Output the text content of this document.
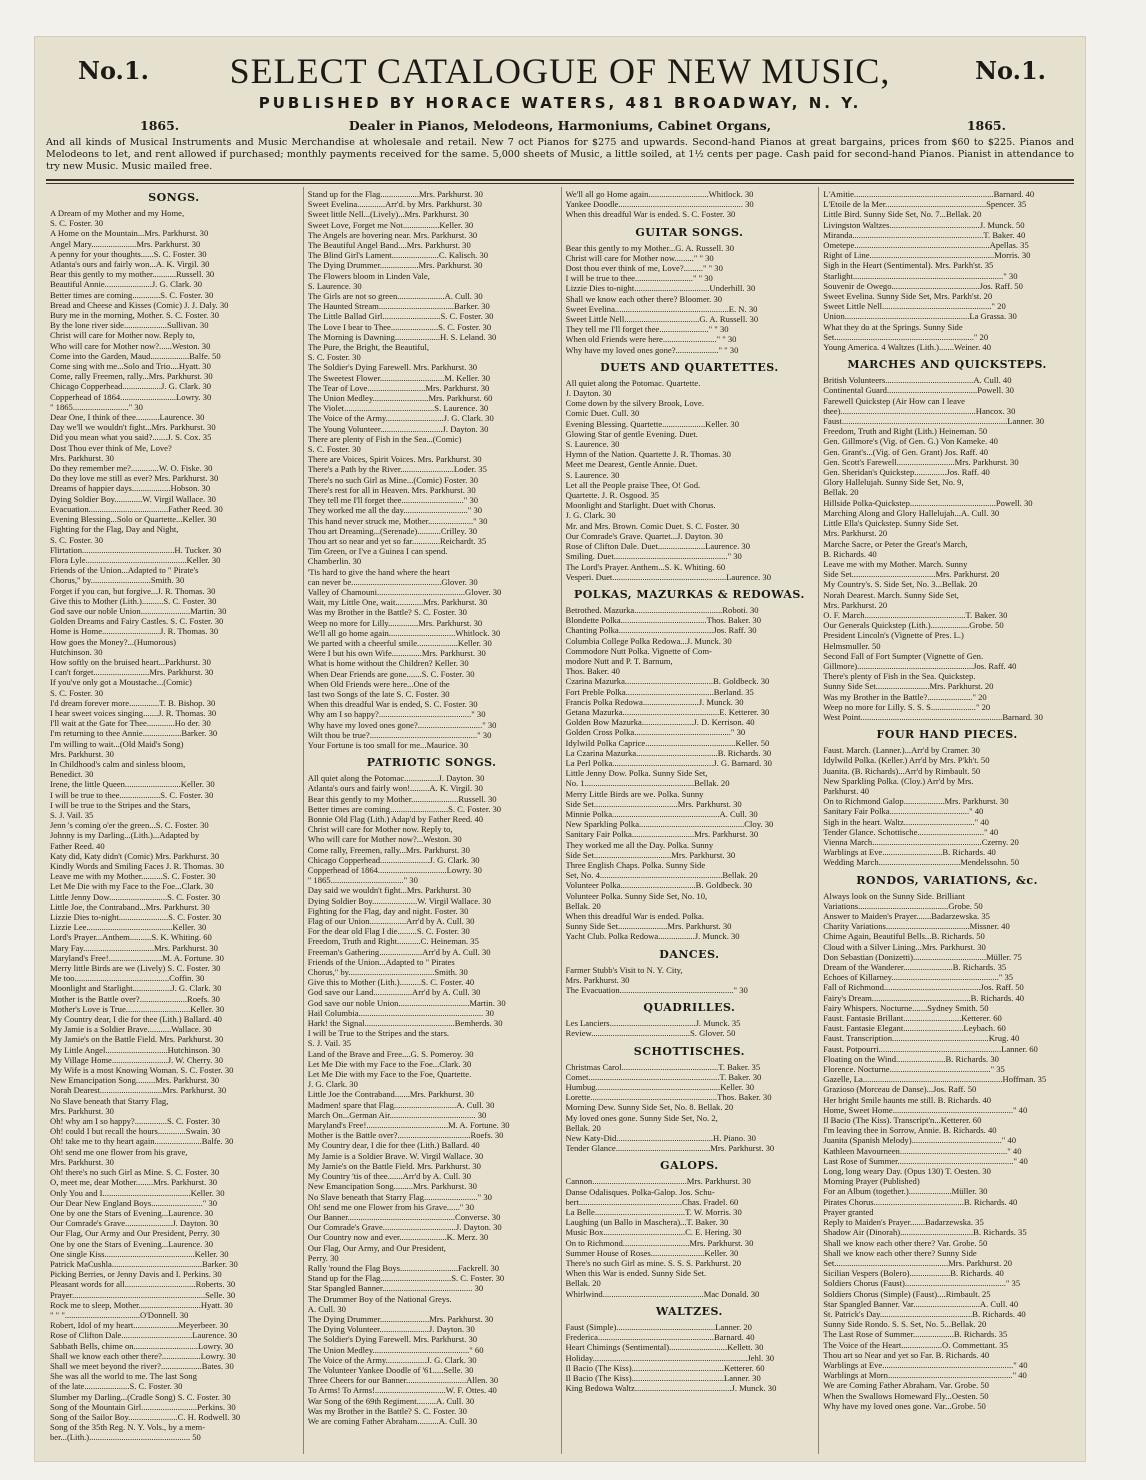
No.1.	SELECT CATALOGUE OF NEW MUSIC,	No.1.
PUBLISHED BY HORACE WATERS, 481 BROADWAY, N. Y.
1865.	Dealer in Pianos, Melodeons, Harmoniums, Cabinet Organs,	1865.
And all kinds of Musical Instruments and Music Merchandise at wholesale and retail. New 7 oct Pianos for $275 and upwards. Second-hand Pianos at great bargains, prices from $60 to $225. Pianos and Melodeons to let, and rent allowed if purchased; monthly payments received for the same. 5,000 sheets of Music, a little soiled, at 1½ cents per page. Cash paid for second-hand Pianos. Pianist in attendance to try new Music. Music mailed free.
SONGS.
A Dream of my Mother and my Home,
S. C. Foster. 30
A Home on the Mountain...Mrs. Parkhurst. 30
Angel Mary.....................Mrs. Parkhurst. 30
A penny for your thoughts......S. C. Foster. 30
Atlanta's ours and fairly won...A. K. Virgil. 30
Bear this gently to my mother...........Russell. 30
Beautiful Annie......................J. G. Clark. 30
Better times are coming.............S. C. Foster. 30
Bread and Cheese and Kisses (Comic) J. J. Daly. 30
Bury me in the morning, Mother. S. C. Foster. 30
By the lone river side....................Sullivan. 30
Christ will care for Mother now. Reply to,
Who will care for Mother now?......Weston. 30
Come into the Garden, Maud..................Balfe. 50
Come sing with me...Solo and Trio....Hyatt. 30
Come, rally Freemen, rally...Mrs. Parkhurst. 30
Chicago Copperhead..................J. G. Clark. 30
Copperhead of 1864..........................Lowry. 30
" 1865.........................." 30
Dear One, I think of thee...........Laurence. 30
Day we'll we wouldn't fight...Mrs. Parkhurst. 30
Did you mean what you said?.......J. S. Cox. 35
Dost Thou ever think of Me, Love?
Mrs. Parkhurst. 30
Do they remember me?.............W. O. Fiske. 30
Do they love me still as ever? Mrs. Parkhurst. 30
Dreams of happier days..................Hobson. 30
Dying Soldier Boy.............W. Virgil Wallace. 30
Evacuation.....................................Father Reed. 30
Evening Blessing...Solo or Quartette...Keller. 30
Fighting for the Flag, Day and Night,
S. C. Foster. 30
Flirtation...........................................H. Tucker. 30
Flora Lyle...............................................Keller. 30
Friends of the Union...Adapted to " Pirate's
Chorus," by............................Smith. 30
Forget if you can, but forgive...J. R. Thomas. 30
Give this to Mother (Lith.)..........S. C. Foster. 30
God save our noble Union.......................Martin. 30
Golden Dreams and Fairy Castles. S. C. Foster. 30
Home is Home...........................J. R. Thomas. 30
How goes the Money?...(Humorous)
Hutchinson. 30
How softly on the bruised heart...Parkhurst. 30
I can't forget..........................Mrs. Parkhurst. 30
If you've only got a Moustache...(Comic)
S. C. Foster. 30
I'd dream forever more..............T. B. Bishop. 30
I hear sweet voices singing.......J. R. Thomas. 30
I'll wait at the Gate for Thee.............Ho der. 30
I'm returning to thee Annie..................Barker. 30
I'm willing to wait...(Old Maid's Song)
Mrs. Parkhurst. 30
In Childhood's calm and sinless bloom,
Benedict. 30
Irene, the little Queen..........................Keller. 30
I will be true to thee...................S. C. Foster. 30
I will be true to the Stripes and the Stars,
S. J. Vail. 35
Jenn 's coming o'er the green...S. C. Foster. 30
Johnny is my Darling...(Lith.)...Adapted by
Father Reed. 40
Katy did, Katy didn't (Comic) Mrs. Parkhurst. 30
Kindly Words and Smiling Faces J. R. Thomas. 30
Leave me with my Mother..........S. C. Foster. 30
Let Me Die with my Face to the Foe...Clark. 30
Little Jenny Dow...........................S. C. Foster. 30
Little Joe, the Contraband...Mrs. Parkhurst. 30
Lizzie Dies to-night.......................S. C. Foster. 30
Lizzie Lee........................................Keller. 30
Lord's Prayer...Anthem..........S. K. Whiting. 60
Mary Fay.................................Mrs. Parkhurst. 30
Maryland's Free!.........................M. A. Fortune. 30
Merry little Birds are we (Lively) S. C. Foster. 30
Me too............................................Coffin. 30
Moonlight and Starlight..................J. G. Clark. 30
Mother is the Battle over?......................Roefs. 30
Mother's Love is True..............................Keller. 30
My Country dear, I die for thee (Lith.) Ballard. 40
My Jamie is a Soldier Brave...........Wallace. 30
My Jamie's on the Battle Field. Mrs. Parkhurst. 30
My Little Angel.............................Hutchinson. 30
My Village Home..........................J. W. Cherry. 30
My Wife is a most Knowing Woman. S. C. Foster. 30
New Emancipation Song.........Mrs. Parkhurst. 30
Norah Dearest.............................Mrs. Parkhurst. 30
No Slave beneath that Starry Flag,
Mrs. Parkhurst. 30
Oh! why am I so happy?...............S. C. Foster. 30
Oh! could I but recall the hours.............Swain. 30
Oh! take me to thy heart again......................Balfe. 30
Oh! send me one flower from his grave,
Mrs. Parkhurst. 30
Oh! there's no such Girl as Mine. S. C. Foster. 30
O, meet me, dear Mother........Mrs. Parkhurst. 30
Only You and I.........................................Keller. 30
Our Dear New England Boys........................" 30
One by one the Stars of Evening...Laurence. 30
Our Comrade's Grave......................J. Dayton. 30
Our Flag, Our Army and Our President, Perry. 30
One by one the Stars of Evening...Laurence. 30
One single Kiss..........................................Keller. 30
Patrick MaCushla..........................................Barker. 30
Picking Berries, or Jenny Davis and I. Perkins. 30
Pleasant words for all.................................Roberts. 30
Prayer..............................................................Selle. 30
Rock me to sleep, Mother.............................Hyatt. 30
" " "...................................O'Donnell. 30
Robert, Idol of my heart.....................Meyerbeer. 30
Rose of Clifton Dale.................................Laurence. 30
Sabbath Bells, chime on..............................Lowry. 30
Shall we know each other there?..................Lowry. 30
Shall we meet beyond the river?...................Bates. 30
She was all the world to me. The last Song
of the late.....................S. C. Foster. 30
Slumber my Darling...(Cradle Song) S. C. Foster. 30
Song of the Mountain Girl..........................Perkins. 30
Song of the Sailor Boy.......................C. H. Rodwell. 30
Song of the 35th Reg. N. Y. Vols., by a mem-
ber...(Lith.)............................................... 50
Stand up for the Flag..................Mrs. Parkhurst. 30
Sweet Evelina.............Arr'd. by Mrs. Parkhurst. 30
Sweet little Nell...(Lively)...Mrs. Parkhurst. 30
Sweet Love, Forget me Not.................Keller. 30
The Angels are hovering near. Mrs. Parkhurst. 30
The Beautiful Angel Band....Mrs. Parkhurst. 30
The Blind Girl's Lament......................C. Kalisch. 30
The Dying Drummer..................Mrs. Parkhurst. 30
The Flowers bloom in Linden Vale,
S. Laurence. 30
The Girls are not so green......................A. Cull. 30
The Haunted Stream...................................Barker. 30
The Little Ballad Girl...........................S. C. Foster. 30
The Love I bear to Thee......................S. C. Foster. 30
The Morning is Dawning.....................H. S. Leland. 30
The Pure, the Bright, the Beautiful,
S. C. Foster. 30
The Soldier's Dying Farewell. Mrs. Parkhurst. 30
The Sweetest Flower..............................M. Keller. 30
The Tear of Love...........................Mrs. Parkhurst. 30
The Union Medley..........................Mrs. Parkhurst. 60
The Violet..........................................S. Laurence. 30
The Voice of the Army...........................J. G. Clark. 30
The Young Volunteer.............................J. Dayton. 30
There are plenty of Fish in the Sea...(Comic)
S. C. Foster. 30
There are Voices, Spirit Voices. Mrs. Parkhurst. 30
There's a Path by the River.........................Loder. 35
There's no such Girl as Mine...(Comic) Foster. 30
There's rest for all in Heaven. Mrs. Parkhurst. 30
They tell me I'll forget thee............................." 30
They worked me all the day.............................." 30
This hand never struck me, Mother....................." 30
Thou art Dreaming...(Serenade)...........Crilley. 30
Thou art so near and yet so far.............Reichardt. 35
Tim Green, or I've a Guinea I can spend.
Chamberlin. 30
'Tis hard to give the hand where the heart
can never be..........................................Glover. 30
Valley of Chamouni.........................................Glover. 30
Wait, my Little One, wait.............Mrs. Parkhurst. 30
Was my Brother in the Battle? S. C. Foster. 30
Weep no more for Lilly..............Mrs. Parkhurst. 30
We'll all go home again...............................Whitlock. 30
We parted with a cheerful smile...................Keller. 30
Were I but his own Wife..............Mrs. Parkhurst. 30
What is home without the Children? Keller. 30
When Dear Friends are gone.......S. C. Foster. 30
When Old Friends were here...One of the
last two Songs of the late S. C. Foster. 30
When this dreadful War is ended, S. C. Foster. 30
Why am I so happy?..........................................." 30
Why have my loved ones gone?.............................." 30
Wilt thou be true?.................................................." 30
Your Fortune is too small for me...Maurice. 30
PATRIOTIC SONGS.
All quiet along the Potomac................J. Dayton. 30
Atlanta's ours and fairly won!.........A. K. Virgil. 30
Bear this gently to my Mother......................Russell. 30
Better times are coming...........................S. C. Foster. 30
Bonnie Old Flag (Lith.) Adap'd by Father Reed. 40
Christ will care for Mother now. Reply to,
Who will care for Mother now?...Weston. 30
Come rally, Freemen, rally...Mrs. Parkhurst. 30
Chicago Copperhead.......................J. G. Clark. 30
Copperhead of 1864................................Lowry. 30
" 1865.................................." 30
Day said we wouldn't fight...Mrs. Parkhurst. 30
Dying Soldier Boy.....................W. Virgil Wallace. 30
Fighting for the Flag, day and night. Foster. 30
Flag of our Union.................Arr'd by A. Cull. 30
For the dear old Flag I die.........S. C. Foster. 30
Freedom, Truth and Right...........C. Heineman. 35
Freeman's Gathering....................Arr'd by A. Cull. 30
Friends of the Union...Adapted to " Pirates
Chorus," by........................................Smith. 30
Give this to Mother (Lith.)..........S. C. Foster. 40
God save our Land..................Arr'd by A. Cull. 30
God save our noble Union.................................Martin. 30
Hail Columbia.......................................................... 30
Hark! the Signal..........................................Bemherds. 30
I will be True to the Stripes and the stars.
S. J. Vail. 35
Land of the Brave and Free....G. S. Pomeroy. 30
Let Me Die with my Face to the Foe...Clark. 30
Let Me Die with my Face to the Foe, Quartette.
J. G. Clark. 30
Little Joe the Contraband.......Mrs. Parkhurst. 30
Madmen! spare that Flag.............................A. Cull. 30
March On...German Air........................................ 30
Maryland's Free!......................................M. A. Fortune. 30
Mother is the Battle over?..................................Roefs. 30
My Country dear, I die for thee (Lith.) Ballard. 40
My Jamie is a Soldier Brave. W. Virgil Wallace. 30
My Jamie's on the Battle Field. Mrs. Parkhurst. 30
My Country 'tis of thee.......Arr'd by A. Cull. 30
New Emancipation Song.........Mrs. Parkhurst. 30
No Slave beneath that Starry Flag........................." 30
Oh! send me one Flower from his Grave......" 30
Our Banner..................................................Converse. 30
Our Comrade's Grave..................................J. Dayton. 30
Our Country now and ever......................K. Merz. 30
Our Flag, Our Army, and Our President,
Perry. 30
Rally 'round the Flag Boys...........................Fackrell. 30
Stand up for the Flag.................................S. C. Foster. 30
Star Spangled Banner.......................................... 30
The Drummer Boy of the National Greys.
A. Cull. 30
The Dying Drummer.......................Mrs. Parkhurst. 30
The Dying Volunteer.......................J. Dayton. 30
The Soldier's Dying Farewell. Mrs. Parkhurst. 30
The Union Medley............................................." 60
The Voice of the Army...................J. G. Clark. 30
The Volunteer Yankee Doodle of '61.....Selle. 30
Three Cheers for our Banner............................Allen. 30
To Arms! To Arms!.................................W. F. Ottes. 40
War Song of the 69th Regiment.........A. Cull. 30
Was my Brother in the Battle? S. C. Foster. 30
We are coming Father Abraham..........A. Cull. 30
We'll all go Home again............................Whitlock. 30
Yankee Doodle.......................................................... 30
When this dreadful War is ended. S. C. Foster. 30
GUITAR SONGS.
Bear this gently to my Mother...G. A. Russell. 30
Christ will care for Mother now........." " 30
Dost thou ever think of me, Love?........." " 30
I will be true to thee..........................." " 30
Lizzie Dies to-night...................................Underhill. 30
Shall we know each other there? Bloomer. 30
Sweet Evelina.....................................................E. N. 30
Sweet Little Nell...................................G. A. Russell. 30
They tell me I'll forget thee......................." " 30
When old Friends were here........................." " 30
Why have my loved ones gone?...................." " 30
DUETS AND QUARTETTES.
All quiet along the Potomac. Quartette.
J. Dayton. 30
Come down by the silvery Brook, Love.
Comic Duet. Cull. 30
Evening Blessing. Quartette....................Keller. 30
Glowing Star of gentle Evening. Duet.
S. Laurence. 30
Hymn of the Nation. Quartette J. R. Thomas. 30
Meet me Dearest, Gentle Annie. Duet.
S. Laurence. 30
Let all the People praise Thee, O! God.
Quartette. J. R. Osgood. 35
Moonlight and Starlight. Duet with Chorus.
J. G. Clark. 30
Mr. and Mrs. Brown. Comic Duet. S. C. Foster. 30
Our Comrade's Grave. Quartet...J. Dayton. 30
Rose of Clifton Dale. Duet......................Laurence. 30
Smiling. Duet....................................................." 30
The Lord's Prayer. Anthem...S. K. Whiting. 60
Vesperi. Duet.....................................................Laurence. 30
POLKAS, MAZURKAS & REDOWAS.
Betrothed. Mazurka.........................................Roboti. 30
Blondette Polka........................................Thos. Baker. 30
Chanting Polka............................................Jos. Raff. 30
Columbia College Polka Redowa...J. Munck. 30
Commodore Nutt Polka. Vignette of Com-
modore Nutt and P. T. Barnum,
Thos. Baker. 40
Czarina Mazurka.........................................B. Goldbeck. 30
Fort Preble Polka.........................................Berland. 35
Francis Polka Redowa..........................J. Munck. 30
Getana Mazurka.............................................E. Ketterer. 30
Golden Bow Mazurka........................J. D. Kerrison. 40
Golden Cross Polka............................................." 30
Idylwild Polka Caprice..........................................Keller. 50
La Czarina Mazurka......................................B. Richards. 30
La Perl Polka...............................................J. G. Barnard. 30
Little Jenny Dow. Polka. Sunny Side Set,
No. 1...................................................Bellak. 20
Merry Little Birds are we. Polka. Sunny
Side Set.......................................Mrs. Parkhurst. 30
Minnie Polka..................................................A. Cull. 30
New Sparkling Polka.................................................Cloy. 30
Sanitary Fair Polka.............................Mrs. Parkhurst. 30
They worked me all the Day. Polka. Sunny
Side Set....................................Mrs. Parkhurst. 30
Three English Chaps. Polka. Sunny Side
Set, No. 4.........................................................Bellak. 20
Volunteer Polka...................................B. Goldbeck. 30
Volunteer Polka. Sunny Side Set, No. 10,
Bellak. 20
When this dreadful War is ended. Polka.
Sunny Side Set.......................Mrs. Parkhurst. 30
Yacht Club. Polka Redowa.................J. Munck. 30
DANCES.
Farmer Stubb's Visit to N. Y. City,
Mrs. Parkhurst. 30
The Evacuation....................................................." 30
QUADRILLES.
Les Lanciers........................................J. Munck. 35
Review..............................................S. Glover. 50
SCHOTTISCHES.
Christmas Carol.............................................T. Baker. 35
Comet.............................................................T. Baker. 30
Humbug..........................................................Keller. 30
Lorette...........................................................Thos. Baker. 30
Morning Dew. Sunny Side Set, No. 8. Bellak. 20
My loved ones gone. Sunny Side Set, No. 2,
Bellak. 20
New Katy-Did.............................................H. Piano. 30
Tender Glance............................................Mrs. Parkhurst. 30
GALOPS.
Cannon............................................Mrs. Parkhurst. 30
Danse Odalisques. Polka-Galop. Jos. Schu-
bert................................................Chas. Fradel. 60
La Belle..........................................T. W. Morris. 30
Laughing (un Ballo in Maschera)...T. Baker. 30
Music Box......................................C. E. Hering. 30
On to Richmond...............................Mrs. Parkhurst. 30
Summer House of Roses.........................Keller. 30
There's no such Girl as mine. S. S. S. Parkhurst. 20
When this War is ended. Sunny Side Set.
Bellak. 20
Whirlwind...............................................Mac Donald. 30
WALTZES.
Faust (Simple)..............................................Lanner. 20
Frederica......................................................Barnard. 40
Heart Chimings (Sentimental)...........................Kellett. 30
Holiday........................................................................Jehl. 30
Il Bacio (The Kiss)...........................................Ketterer. 60
Il Bacio (The Kiss)...........................................Lanner. 30
King Bedowa Waltz.............................................J. Munck. 30
L'Amitie.................................................................Barnard. 40
L'Etoile de la Mer...............................................Spencer. 35
Little Bird. Sunny Side Set, No. 7...Bellak. 20
Livingston Waltzes..........................................J. Munck. 50
Miranda.............................................................T. Baker. 40
Ometepe...............................................................Apellas. 35
Right of Line..........................................................Morris. 30
Sigh in the Heart (Sentimental). Mrs. Parkh'st. 35
Starlight......................................................................" 30
Souvenir de Owego.........................................Jos. Raff. 50
Sweet Evelina. Sunny Side Set, Mrs. Parkh'st. 20
Sweet Little Nell..................................................." 20
Union..........................................................La Grassa. 30
What they do at the Springs. Sunny Side
Set................................................................." 20
Young America. 4 Waltzes (Lith.).......Weiner. 40
MARCHES AND QUICKSTEPS.
British Volunteers.........................................A. Cull. 40
Continental Guard..........................................Powell. 30
Farewell Quickstep (Air How can I leave
thee)...............................................................Hancox. 30
Faust.............................................................................Lanner. 30
Freedom, Truth and Right (Lith.) Heineman. 50
Gen. Gillmore's (Vig. of Gen. G.) Von Kameke. 40
Gen. Grant's...(Vig. of Gen. Grant) Jos. Raff. 40
Gen. Scott's Farewell...........................Mrs. Parkhurst. 30
Gen. Sheridan's Quickstep...............Jos. Raff. 40
Glory Hallelujah. Sunny Side Set, No. 9,
Bellak. 20
Hillside Polka-Quickstep........................................Powell. 30
Marching Along and Glory Hallelujah...A. Cull. 30
Little Ella's Quickstep. Sunny Side Set.
Mrs. Parkhurst. 20
Marche Sacre, or Peter the Great's March,
B. Richards. 40
Leave me with my Mother. March. Sunny
Side Set.......................................Mrs. Parkhurst. 20
My Country's. S. Side Set, No. 3...Bellak. 20
Norah Dearest. March. Sunny Side Set,
Mrs. Parkhurst. 20
O. F. March...............................................T. Baker. 30
Our Generals Quickstep (Lith.)..................Grobe. 50
President Lincoln's (Vignette of Pres. L.)
Helmsmuller. 50
Second Fall of Fort Sumpter (Vignette of Gen.
Gillmore)......................................................Jos. Raff. 40
There's plenty of Fish in the Sea. Quickstep.
Sunny Side Set.........................Mrs. Parkhurst. 20
Was my Brother in the Battle?....................." 20
Weep no more for Lilly. S. S. S....................." 20
West Point..................................................................Barnard. 30
FOUR HAND PIECES.
Faust. March. (Lanner.)...Arr'd by Cramer. 30
Idylwild Polka. (Keller.) Arr'd by Mrs. P'kh't. 50
Juanita. (B. Richards)...Arr'd by Rimbault. 50
New Sparkling Polka. (Cloy.) Arr'd by Mrs.
Parkhurst. 40
On to Richmond Galop...................Mrs. Parkhurst. 30
Sanitary Fair Polka....................................." 40
Sigh in the heart. Waltz................................." 40
Tender Glance. Schottische..............................." 40
Vienna March...................................................Czerny. 20
Warblings at Eve............................B. Richards. 40
Wedding March......................................Mendelssohn. 50
RONDOS, VARIATIONS, &c.
Always look on the Sunny Side. Brilliant
Variations..........................................Grobe. 50
Answer to Maiden's Prayer.......Badarzewska. 35
Charity Variations.......................................Missner. 40
Chime Again, Beautiful Bells...B. Richards. 50
Cloud with a Silver Lining...Mrs. Parkhurst. 30
Don Sebastian (Donizetti)..................................Müller. 75
Dream of the Wanderer.......................B. Richards. 35
Echoes of Killarney.................................................." 35
Fall of Richmond.............................................Jos. Raff. 50
Fairy's Dream..............................................B. Richards. 40
Fairy Whispers. Nocturne.......Sydney Smith. 50
Faust. Fantasie Brillant...........................Ketterer. 60
Faust. Fantasie Elegant............................Leybach. 60
Faust. Transcription.............................................Krug. 40
Faust. Potpourri.........................................................Lanner. 60
Floating on the Wind.......................B. Richards. 30
Florence. Nocturne..............................................." 35
Gazelle, La.................................................................Hoffman. 35
Grazioso (Morceau de Danse)...Jos. Raff. 50
Her bright Smile haunts me still. B. Richards. 40
Home, Sweet Home........................................................" 40
Il Bacio (The Kiss). Transcript'n...Ketterer. 60
I'm leaving thee in Sorrow, Annie. B. Richards. 40
Juanita (Spanish Melody).........................................." 40
Kathleen Mavourneen.................................................." 40
Last Rose of Summer......................................................" 40
Long, long weary Day. (Opus 130) T. Oesten. 30
Morning Prayer (Published)
For an Album (together.)....................Müller. 30
Pirates Chorus..........................................B. Richards. 40
Prayer granted
Reply to Maiden's Prayer.......Badarzewska. 35
Shadow Air (Dinorah)..................................B. Richards. 35
Shall we know each other there? Var. Grobe. 50
Shall we know each other there? Sunny Side
Set.....................................................Mrs. Parkhurst. 20
Sicilian Vespers (Bolero)...................B. Richards. 40
Soldiers Chorus (Faust)..............................................." 35
Soldiers Chorus (Simple) (Faust)....Rimbault. 25
Star Spangled Banner. Var...............................A. Cull. 40
St. Patrick's Day...........................................B. Richards. 40
Sunny Side Rondo. S. S. Set, No. 5...Bellak. 20
The Last Rose of Summer...................B. Richards. 35
The Voice of the Heart...................O. Commettant. 35
Thou art so Near and yet so Far. B. Richards. 40
Warblings at Eve............................................................." 40
Warblings at Morn.........................................................." 40
We are Coming Father Abraham. Var. Grobe. 50
When the Swallows Homeward Fly...Oesten. 50
Why have my loved ones gone. Var...Grobe. 50
